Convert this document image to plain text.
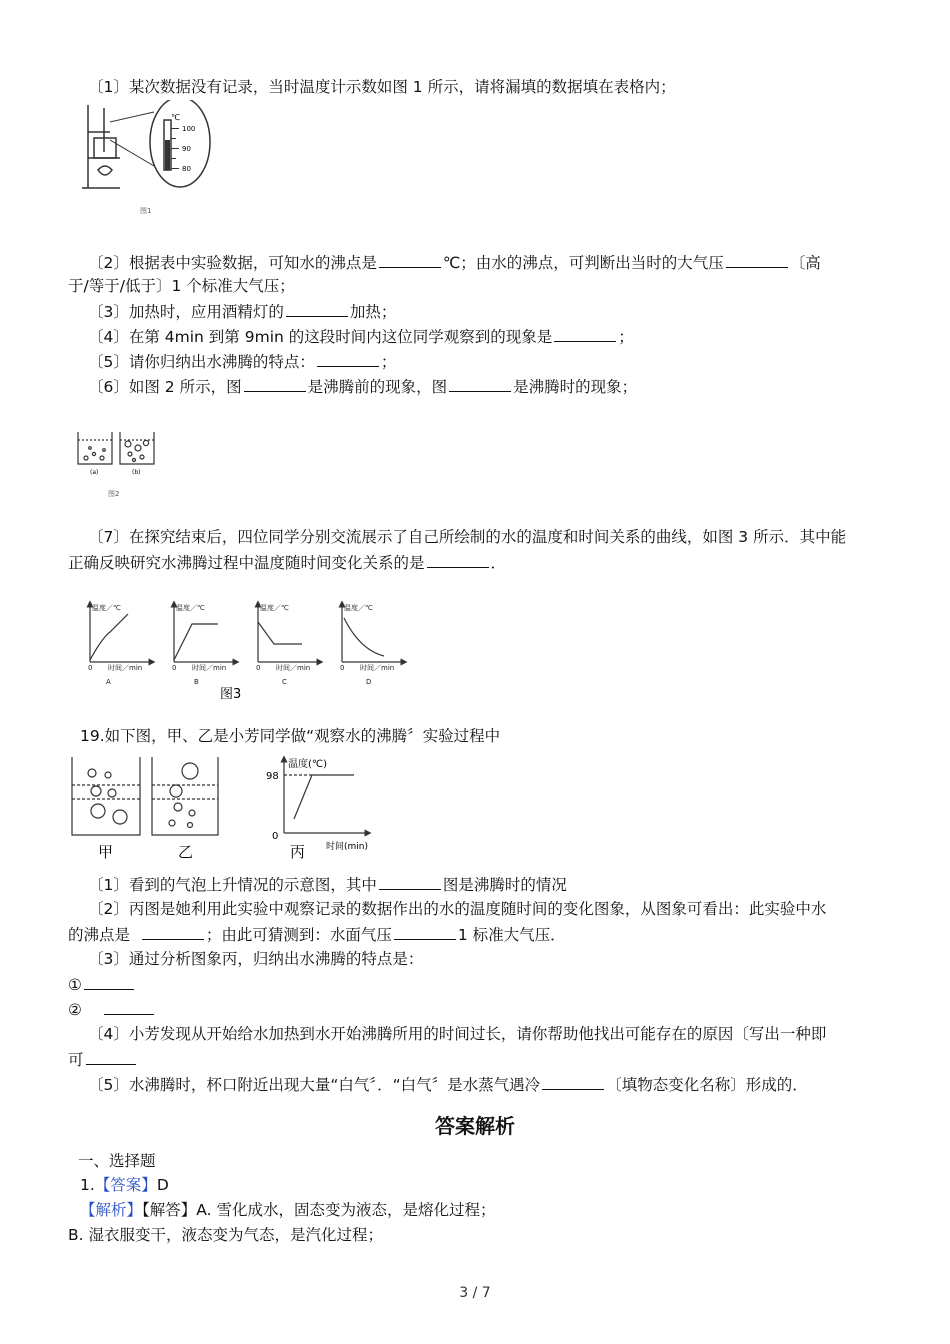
〔1〕某次数据没有记录，当时温度计示数如图 1 所示，请将漏填的数据填在表格内；
℃
100
90
80
图1
〔2〕根据表中实验数据，可知水的沸点是	℃；由水的沸点，可判断出当时的大气压	〔高
于/等于/低于〕1 个标准大气压；
〔3〕加热时，应用酒精灯的	加热；
〔4〕在第 4min 到第 9min 的这段时间内这位同学观察到的现象是	；
〔5〕请你归纳出水沸腾的特点：	；
〔6〕如图 2 所示，图	是沸腾前的现象，图	是沸腾时的现象；
(a)	(b)
图2
〔7〕在探究结束后，四位同学分别交流展示了自己所绘制的水的温度和时间关系的曲线，如图 3 所示．其中能
正确反映研究水沸腾过程中温度随时间变化关系的是	．
温度／℃	温度／℃	温度／℃	温度／℃
时间／min	时间／min	时间／min	时间／min
0	0	0	0
A	B	C	D
图3
19.如下图，甲、乙是小芳同学做“观察水的沸腾〞实验过程中
甲	乙	丙
温度(℃)
98
0
时间(min)
〔1〕看到的气泡上升情况的示意图，其中	图是沸腾时的情况
〔2〕丙图是她利用此实验中观察记录的数据作出的水的温度随时间的变化图象，从图象可看出：此实验中水
的沸点是	；由此可猜测到：水面气压	1 标准大气压．
〔3〕通过分析图象丙，归纳出水沸腾的特点是：
①
②
〔4〕小芳发现从开始给水加热到水开始沸腾所用的时间过长，请你帮助他找出可能存在的原因〔写出一种即
可
〔5〕水沸腾时，杯口附近出现大量“白气〞．“白气〞是水蒸气遇冷	〔填物态变化名称〕形成的．
答案解析
一、选择题
1.【答案】D
【解析】【解答】A. 雪化成水，固态变为液态，是熔化过程；
B. 湿衣服变干，液态变为气态，是汽化过程；
3 / 7
